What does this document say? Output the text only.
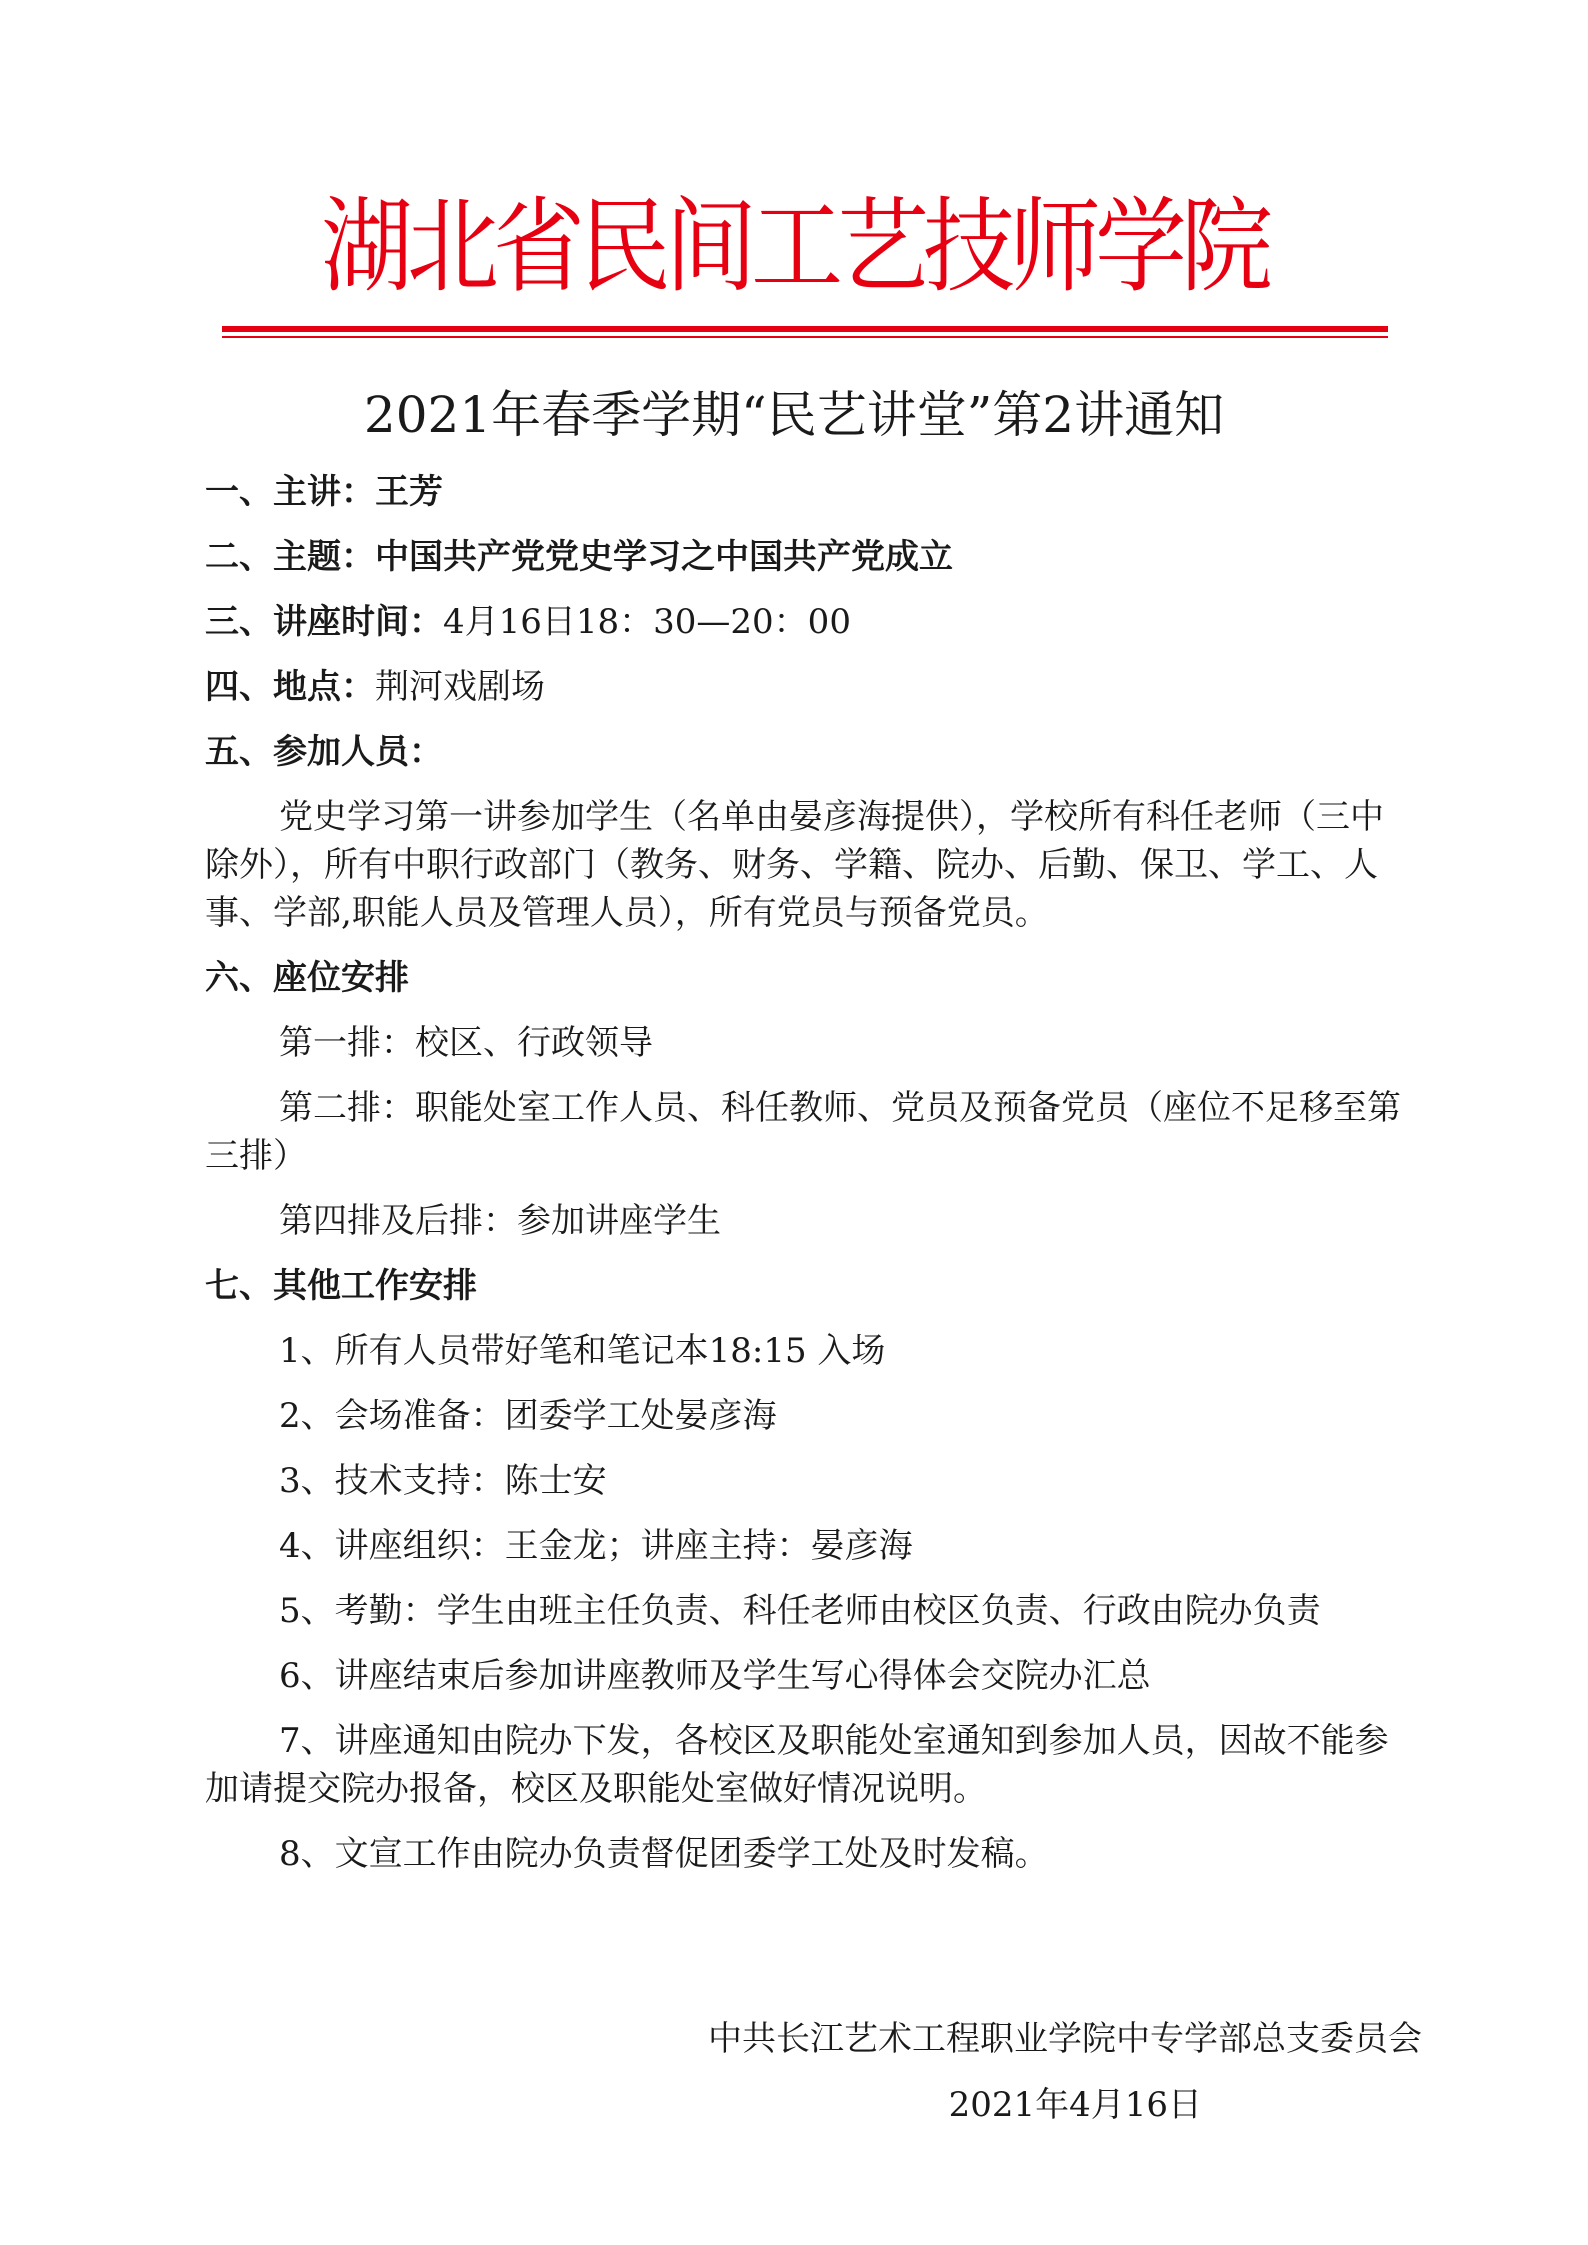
湖北省民间工艺技师学院
2021年春季学期“民艺讲堂”第2讲通知
一、主讲：王芳
二、主题：中国共产党党史学习之中国共产党成立
三、讲座时间：4月16日18：30—20：00
四、地点：荆河戏剧场
五、参加人员：
党史学习第一讲参加学生（名单由晏彦海提供），学校所有科任老师（三中除外），所有中职行政部门（教务、财务、学籍、院办、后勤、保卫、学工、人事、学部,职能人员及管理人员），所有党员与预备党员。
六、座位安排
第一排：校区、行政领导
第二排：职能处室工作人员、科任教师、党员及预备党员（座位不足移至第三排）
第四排及后排：参加讲座学生
七、其他工作安排
1、所有人员带好笔和笔记本18:15 入场
2、会场准备：团委学工处晏彦海
3、技术支持：陈士安
4、讲座组织：王金龙；讲座主持：晏彦海
5、考勤：学生由班主任负责、科任老师由校区负责、行政由院办负责
6、讲座结束后参加讲座教师及学生写心得体会交院办汇总
7、讲座通知由院办下发，各校区及职能处室通知到参加人员，因故不能参加请提交院办报备，校区及职能处室做好情况说明。
8、文宣工作由院办负责督促团委学工处及时发稿。
中共长江艺术工程职业学院中专学部总支委员会
2021年4月16日
